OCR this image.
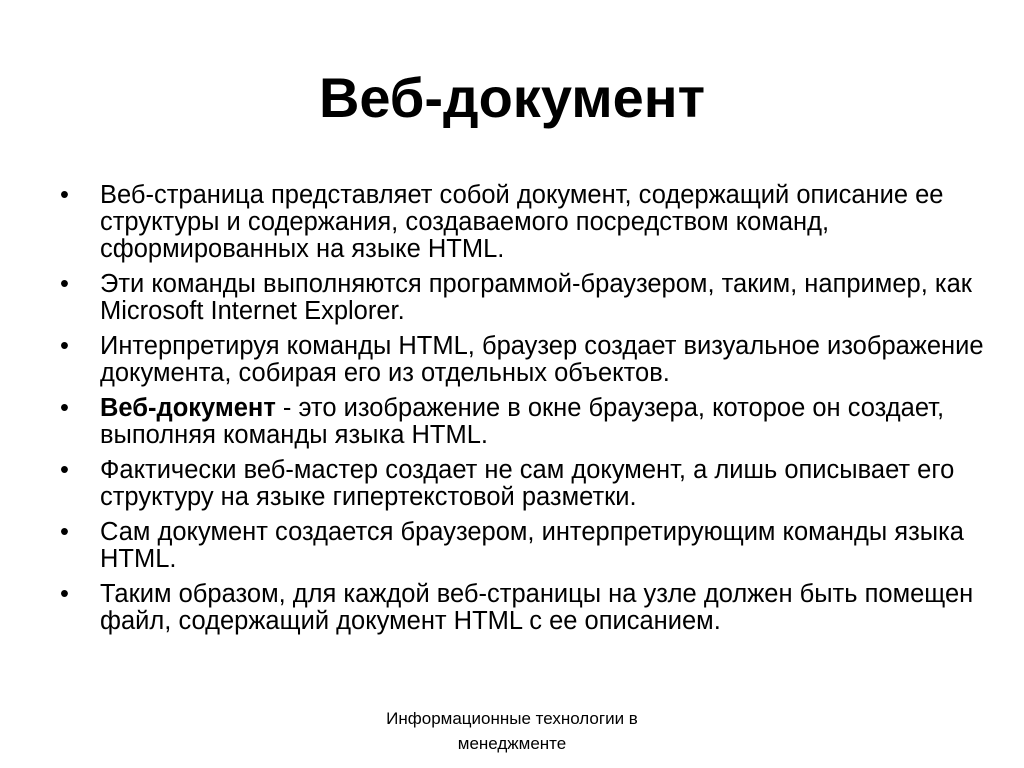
Веб-документ
•	Веб-страница представляет собой документ, содержащий описание ее структуры и содержания, создаваемого посредством команд, сформированных на языке HTML.
•	Эти команды выполняются программой-браузером, таким, например, как Microsoft Internet Explorer.
•	Интерпретируя команды HTML, браузер создает визуальное изображение документа, собирая его из отдельных объектов.
•	Веб-документ - это изображение в окне браузера, которое он создает, выполняя команды языка HTML.
•	Фактически веб-мастер создает не сам документ, а лишь описывает его структуру на языке гипертекстовой разметки.
•	Сам документ создается браузером, интерпретирующим команды языка HTML.
•	Таким образом, для каждой веб-страницы на узле должен быть помещен файл, содержащий документ HTML с ее описанием.
Информационные технологии в
менеджменте
